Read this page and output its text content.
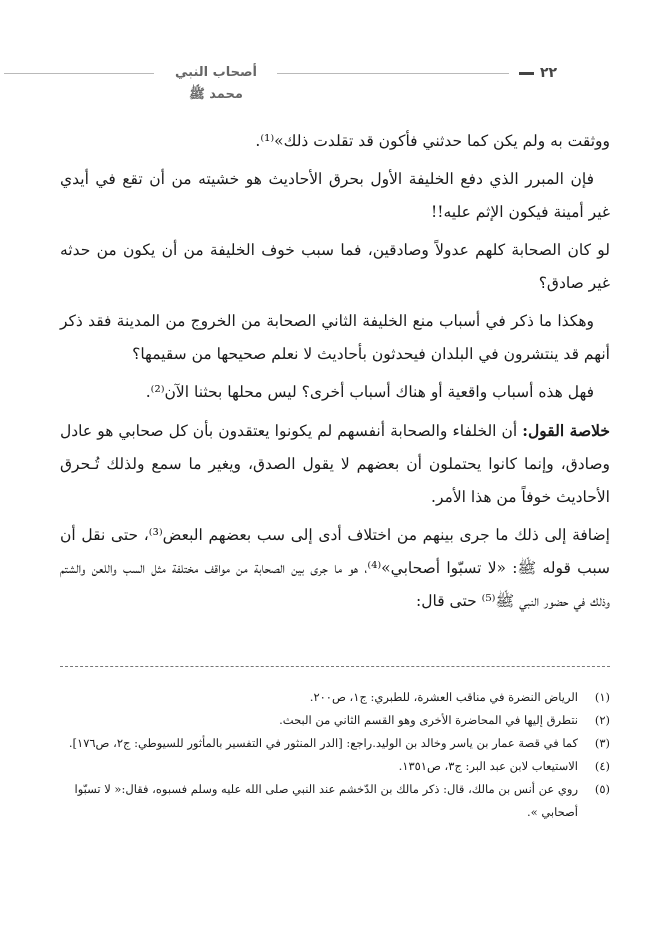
أصحاب النبي محمد ﷺ
٢٢

ووثقت به ولم يكن كما حدثني فأكون قد تقلدت ذلك»⁽¹⁾.

فإن المبرر الذي دفع الخليفة الأول بحرق الأحاديث هو خشيته من أن تقع في أيدي غير أمينة فيكون الإثم عليه!!

لو كان الصحابة كلهم عدولاً وصادقين، فما سبب خوف الخليفة من أن يكون من حدثه غير صادق؟

وهكذا ما ذكر في أسباب منع الخليفة الثاني الصحابة من الخروج من المدينة فقد ذكر أنهم قد ينتشرون في البلدان فيحدثون بأحاديث لا نعلم صحيحها من سقيمها؟

فهل هذه أسباب واقعية أو هناك أسباب أخرى؟ ليس محلها بحثنا الآن⁽²⁾.

خلاصة القول: أن الخلفاء والصحابة أنفسهم لم يكونوا يعتقدون بأن كل صحابي هو عادل وصادق، وإنما كانوا يحتملون أن بعضهم لا يقول الصدق، ويغير ما سمع ولذلك تُـحرق الأحاديث خوفاً من هذا الأمر.

إضافة إلى ذلك ما جرى بينهم من اختلاف أدى إلى سب بعضهم البعض⁽³⁾، حتى نقل أن سبب قوله ﷺ: «لا تسبّوا أصحابي»⁽⁴⁾، هو ما جرى بين الصحابة من مواقف مختلفة مثل السب واللعن والشتم وذلك في حضور النبي ﷺ⁽⁵⁾ حتى قال:

(١)
الرياض النضرة في مناقب العشرة، للطبري: ج١، ص٢٠٠.
(٢)
نتطرق إليها في المحاضرة الأخرى وهو القسم الثاني من البحث.
(٣)
كما في قصة عمار بن ياسر وخالد بن الوليد.راجع: [الدر المنثور في التفسير بالمأثور للسيوطي: ج٢، ص١٧٦].
(٤)
الاستيعاب لابن عبد البر: ج٣، ص١٣٥١.
(٥)
روي عن أنس بن مالك، قال: ذكر مالك بن الدّخشم عند النبي صلى الله عليه وسلم فسبوه، فقال:« لا تسبّوا أصحابي ».
